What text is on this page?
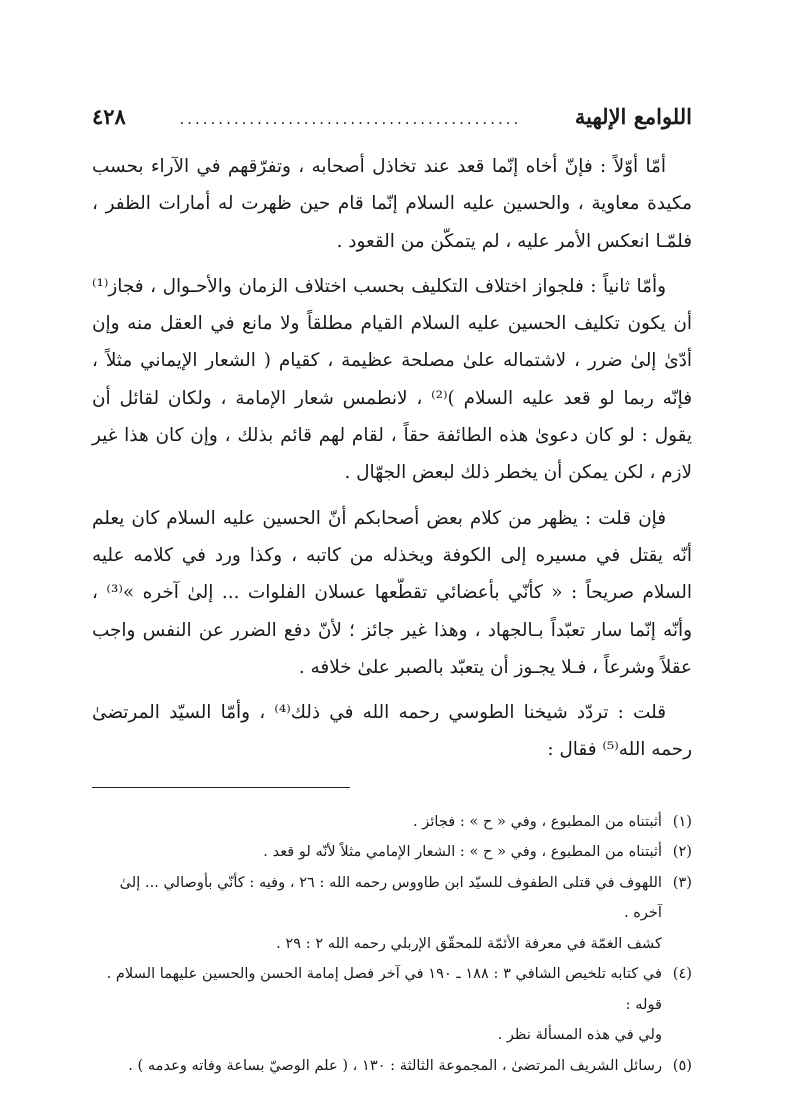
اللوامع الإلهية
............................................
٤٢٨

أمّا أوّلاً : فإنّ أخاه إنّما قعد عند تخاذل أصحابه ، وتفرّقهم في الآراء بحسب مكيدة معاوية ، والحسين عليه السلام إنّما قام حين ظهرت له أمارات الظفر ، فلمّـا انعكس الأمر عليه ، لم يتمكّن من القعود .

وأمّا ثانياً : فلجواز اختلاف التكليف بحسب اختلاف الزمان والأحـوال ، فجاز⁽¹⁾ أن يكون تكليف الحسين عليه السلام القيام مطلقاً ولا مانع في العقل منه وإن أدّىٰ إلىٰ ضرر ، لاشتماله علىٰ مصلحة عظيمة ، كقيام ( الشعار الإيماني مثلاً ، فإنّه ربما لو قعد عليه السلام )⁽²⁾ ، لانطمس شعار الإمامة ، ولكان لقائل أن يقول : لو كان دعوىٰ هذه الطائفة حقاً ، لقام لهم قائم بذلك ، وإن كان هذا غير لازم ، لكن يمكن أن يخطر ذلك لبعض الجهّال .

فإن قلت : يظهر من كلام بعض أصحابكم أنّ الحسين عليه السلام كان يعلم أنّه يقتل في مسيره إلى الكوفة ويخذله من كاتبه ، وكذا ورد في كلامه عليه السلام صريحاً : « كأنّي بأعضائي تقطّعها عسلان الفلوات ... إلىٰ آخره »⁽³⁾ ، وأنّه إنّما سار تعبّداً بـالجهاد ، وهذا غير جائز ؛ لأنّ دفع الضرر عن النفس واجب عقلاً وشرعاً ، فـلا يجـوز أن يتعبّد بالصبر علىٰ خلافه .

قلت : تردّد شيخنا الطوسي رحمه الله في ذلك⁽⁴⁾ ، وأمّا السيّد المرتضىٰ رحمه الله⁽⁵⁾ فقال :

(١)
أثبتناه من المطبوع ، وفي « ح » : فجائز .
(٢)
أثبتناه من المطبوع ، وفي « ح » : الشعار الإمامي مثلاً لأنّه لو قعد .
(٣)
اللهوف في قتلى الطفوف للسيّد ابن طاووس رحمه الله : ٢٦ ، وفيه : كأنّي بأوصالي ... إلىٰ آخره .
كشف الغمّة في معرفة الأئمّة للمحقّق الإربلي رحمه الله ٢ : ٢٩ .
(٤)
في كتابه تلخيص الشافي ٣ : ١٨٨ ـ ١٩٠ في آخر فصل إمامة الحسن والحسين عليهما السلام . قوله :
ولي في هذه المسألة نظر .
(٥)
رسائل الشريف المرتضىٰ ، المجموعة الثالثة : ١٣٠ ، ( علم الوصيّ بساعة وفاته وعدمه ) .
